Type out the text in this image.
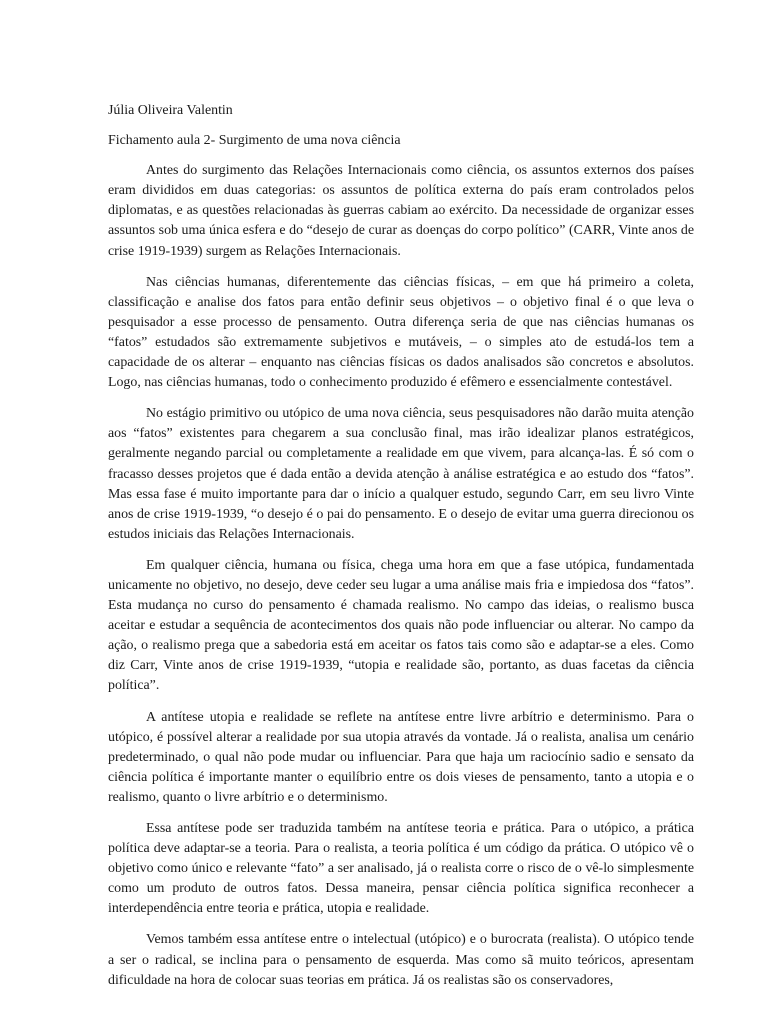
Júlia Oliveira Valentin

Fichamento aula 2- Surgimento de uma nova ciência

Antes do surgimento das Relações Internacionais como ciência, os assuntos externos dos países eram divididos em duas categorias: os assuntos de política externa do país eram controlados pelos diplomatas, e as questões relacionadas às guerras cabiam ao exército. Da necessidade de organizar esses assuntos sob uma única esfera e do “desejo de curar as doenças do corpo político” (CARR, Vinte anos de crise 1919-1939) surgem as Relações Internacionais.

Nas ciências humanas, diferentemente das ciências físicas, – em que há primeiro a coleta, classificação e analise dos fatos para então definir seus objetivos – o objetivo final é o que leva o pesquisador a esse processo de pensamento. Outra diferença seria de que nas ciências humanas os “fatos” estudados são extremamente subjetivos e mutáveis, – o simples ato de estudá-los tem a capacidade de os alterar – enquanto nas ciências físicas os dados analisados são concretos e absolutos. Logo, nas ciências humanas, todo o conhecimento produzido é efêmero e essencialmente contestável.

No estágio primitivo ou utópico de uma nova ciência, seus pesquisadores não darão muita atenção aos “fatos” existentes para chegarem a sua conclusão final, mas irão idealizar planos estratégicos, geralmente negando parcial ou completamente a realidade em que vivem, para alcança-las. É só com o fracasso desses projetos que é dada então a devida atenção à análise estratégica e ao estudo dos “fatos”. Mas essa fase é muito importante para dar o início a qualquer estudo, segundo Carr, em seu livro Vinte anos de crise 1919-1939, “o desejo é o pai do pensamento. E o desejo de evitar uma guerra direcionou os estudos iniciais das Relações Internacionais.

Em qualquer ciência, humana ou física, chega uma hora em que a fase utópica, fundamentada unicamente no objetivo, no desejo, deve ceder seu lugar a uma análise mais fria e impiedosa dos “fatos”. Esta mudança no curso do pensamento é chamada realismo. No campo das ideias, o realismo busca aceitar e estudar a sequência de acontecimentos dos quais não pode influenciar ou alterar. No campo da ação, o realismo prega que a sabedoria está em aceitar os fatos tais como são e adaptar-se a eles. Como diz Carr, Vinte anos de crise 1919-1939, “utopia e realidade são, portanto, as duas facetas da ciência política”.

A antítese utopia e realidade se reflete na antítese entre livre arbítrio e determinismo. Para o utópico, é possível alterar a realidade por sua utopia através da vontade. Já o realista, analisa um cenário predeterminado, o qual não pode mudar ou influenciar. Para que haja um raciocínio sadio e sensato da ciência política é importante manter o equilíbrio entre os dois vieses de pensamento, tanto a utopia e o realismo, quanto o livre arbítrio e o determinismo.

Essa antítese pode ser traduzida também na antítese teoria e prática. Para o utópico, a prática política deve adaptar-se a teoria. Para o realista, a teoria política é um código da prática. O utópico vê o objetivo como único e relevante “fato” a ser analisado, já o realista corre o risco de o vê-lo simplesmente como um produto de outros fatos. Dessa maneira, pensar ciência política significa reconhecer a interdependência entre teoria e prática, utopia e realidade.

Vemos também essa antítese entre o intelectual (utópico) e o burocrata (realista). O utópico tende a ser o radical, se inclina para o pensamento de esquerda. Mas como sã muito teóricos, apresentam dificuldade na hora de colocar suas teorias em prática. Já os realistas são os conservadores,
